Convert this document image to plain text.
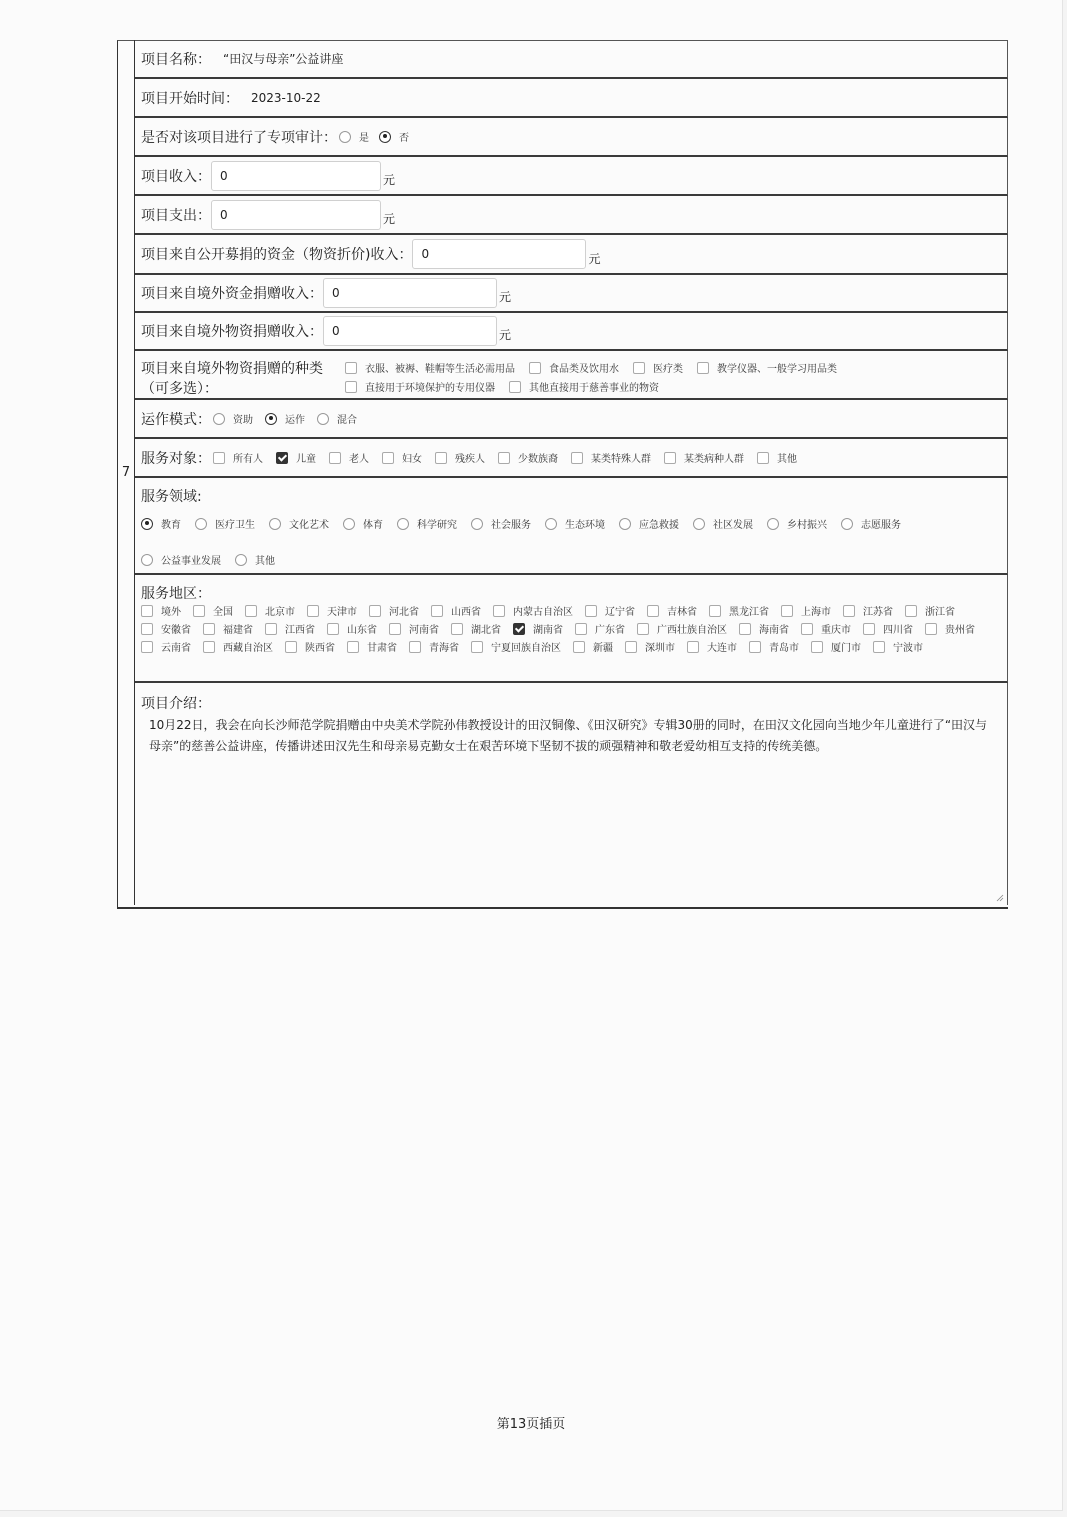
7
项目名称： “田汉与母亲”公益讲座
项目开始时间： 2023-10-22
是否对该项目进行了专项审计： 是	否
项目收入： 0	元
项目支出： 0	元
项目来自公开募捐的资金（物资折价)收入： 0	元
项目来自境外资金捐赠收入： 0	元
项目来自境外物资捐赠收入： 0	元
项目来自境外物资捐赠的种类
（可多选）：
衣服、被褥、鞋帽等生活必需用品	食品类及饮用水	医疗类	教学仪器、一般学习用品类
直接用于环境保护的专用仪器	其他直接用于慈善事业的物资
运作模式： 资助	运作	混合
服务对象： 所有人	儿童	老人	妇女	残疾人	少数族裔	某类特殊人群	某类病种人群	其他
服务领域:
教育	医疗卫生	文化艺术	体育	科学研究	社会服务	生态环境	应急救援	社区发展	乡村振兴	志愿服务
公益事业发展	其他
服务地区：
境外	全国	北京市	天津市	河北省	山西省	内蒙古自治区	辽宁省	吉林省	黑龙江省	上海市	江苏省	浙江省
安徽省	福建省	江西省	山东省	河南省	湖北省	湖南省	广东省	广西壮族自治区	海南省	重庆市	四川省	贵州省
云南省	西藏自治区	陕西省	甘肃省	青海省	宁夏回族自治区	新疆	深圳市	大连市	青岛市	厦门市	宁波市
项目介绍：
10月22日，我会在向长沙师范学院捐赠由中央美术学院孙伟教授设计的田汉铜像、《田汉研究》专辑30册的同时，在田汉文化园向当地少年儿童进行了“田汉与母亲”的慈善公益讲座，传播讲述田汉先生和母亲易克勤女士在艰苦环境下坚韧不拔的顽强精神和敬老爱幼相互支持的传统美德。
第13页插页
